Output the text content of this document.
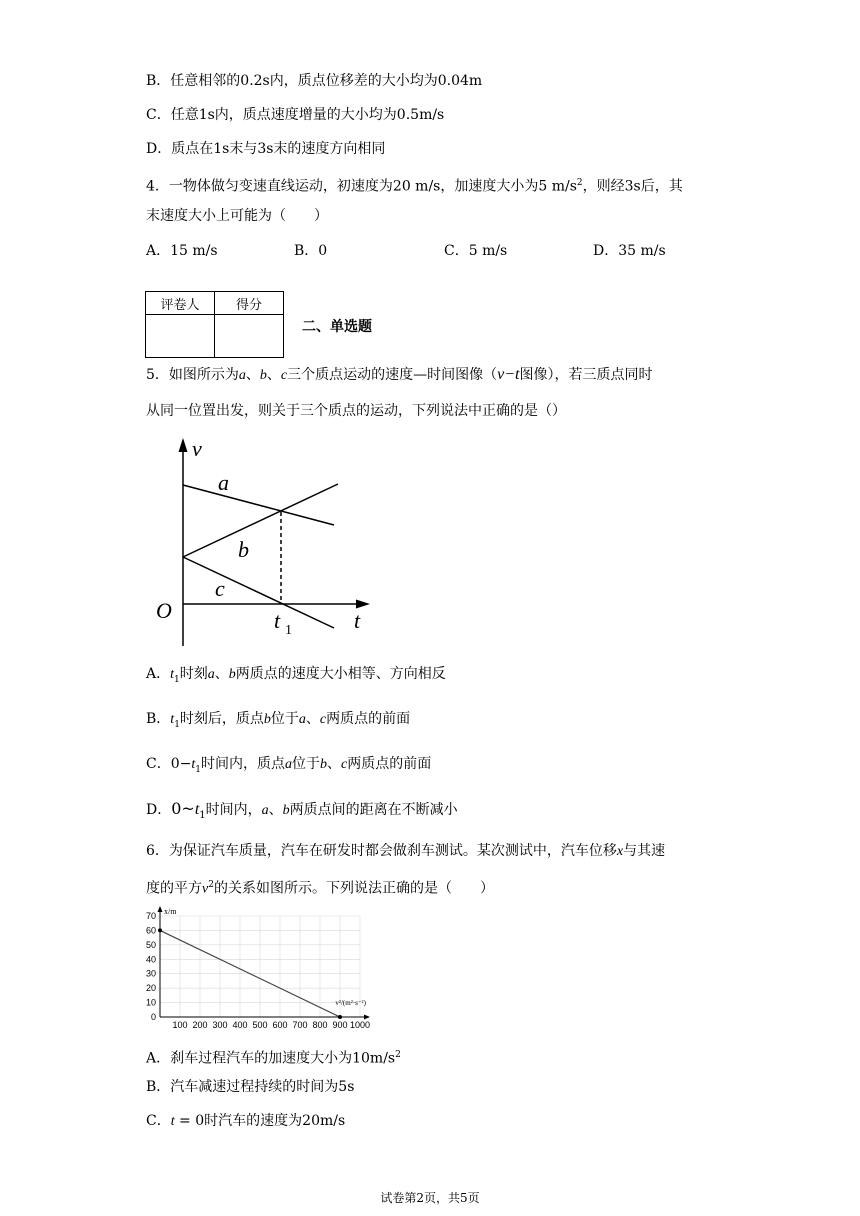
B．任意相邻的0.2s内，质点位移差的大小均为0.04m
C．任意1s内，质点速度增量的大小均为0.5m/s
D．质点在1s末与3s末的速度方向相同
4．一物体做匀变速直线运动，初速度为20 m/s，加速度大小为5 $m/s^2$，则经3s后，其
末速度大小上可能为（　　）
A．15 m/s	B．0	C．5 m/s	D．35 m/s
评卷人	得分

二、单选题
5．如图所示为a、b、c三个质点运动的速度—时间图像（v−t图像），若三质点同时
从同一位置出发，则关于三个质点的运动，下列说法中正确的是（）
v
a
b
c
O	t 1	t
A．$t_1$时刻a、b两质点的速度大小相等、方向相反
B．$t_1$时刻后，质点b位于a、c两质点的前面
C．$0-t_1$时间内，质点a位于b、c两质点的前面
D．$0\sim t_1$时间内，a、b两质点间的距离在不断减小
6．为保证汽车质量，汽车在研发时都会做刹车测试。某次测试中，汽车位移x与其速
度的平方$v^2$的关系如图所示。下列说法正确的是（　　）
0
10
20
30
40
50
60
70
100 200 300 400 500 600 700 800 900 1000
x/m
v²/(m²·s⁻²)
A．刹车过程汽车的加速度大小为$10m/s^2$
B．汽车减速过程持续的时间为5s
C．t = 0时汽车的速度为20m/s
试卷第2页，共5页
